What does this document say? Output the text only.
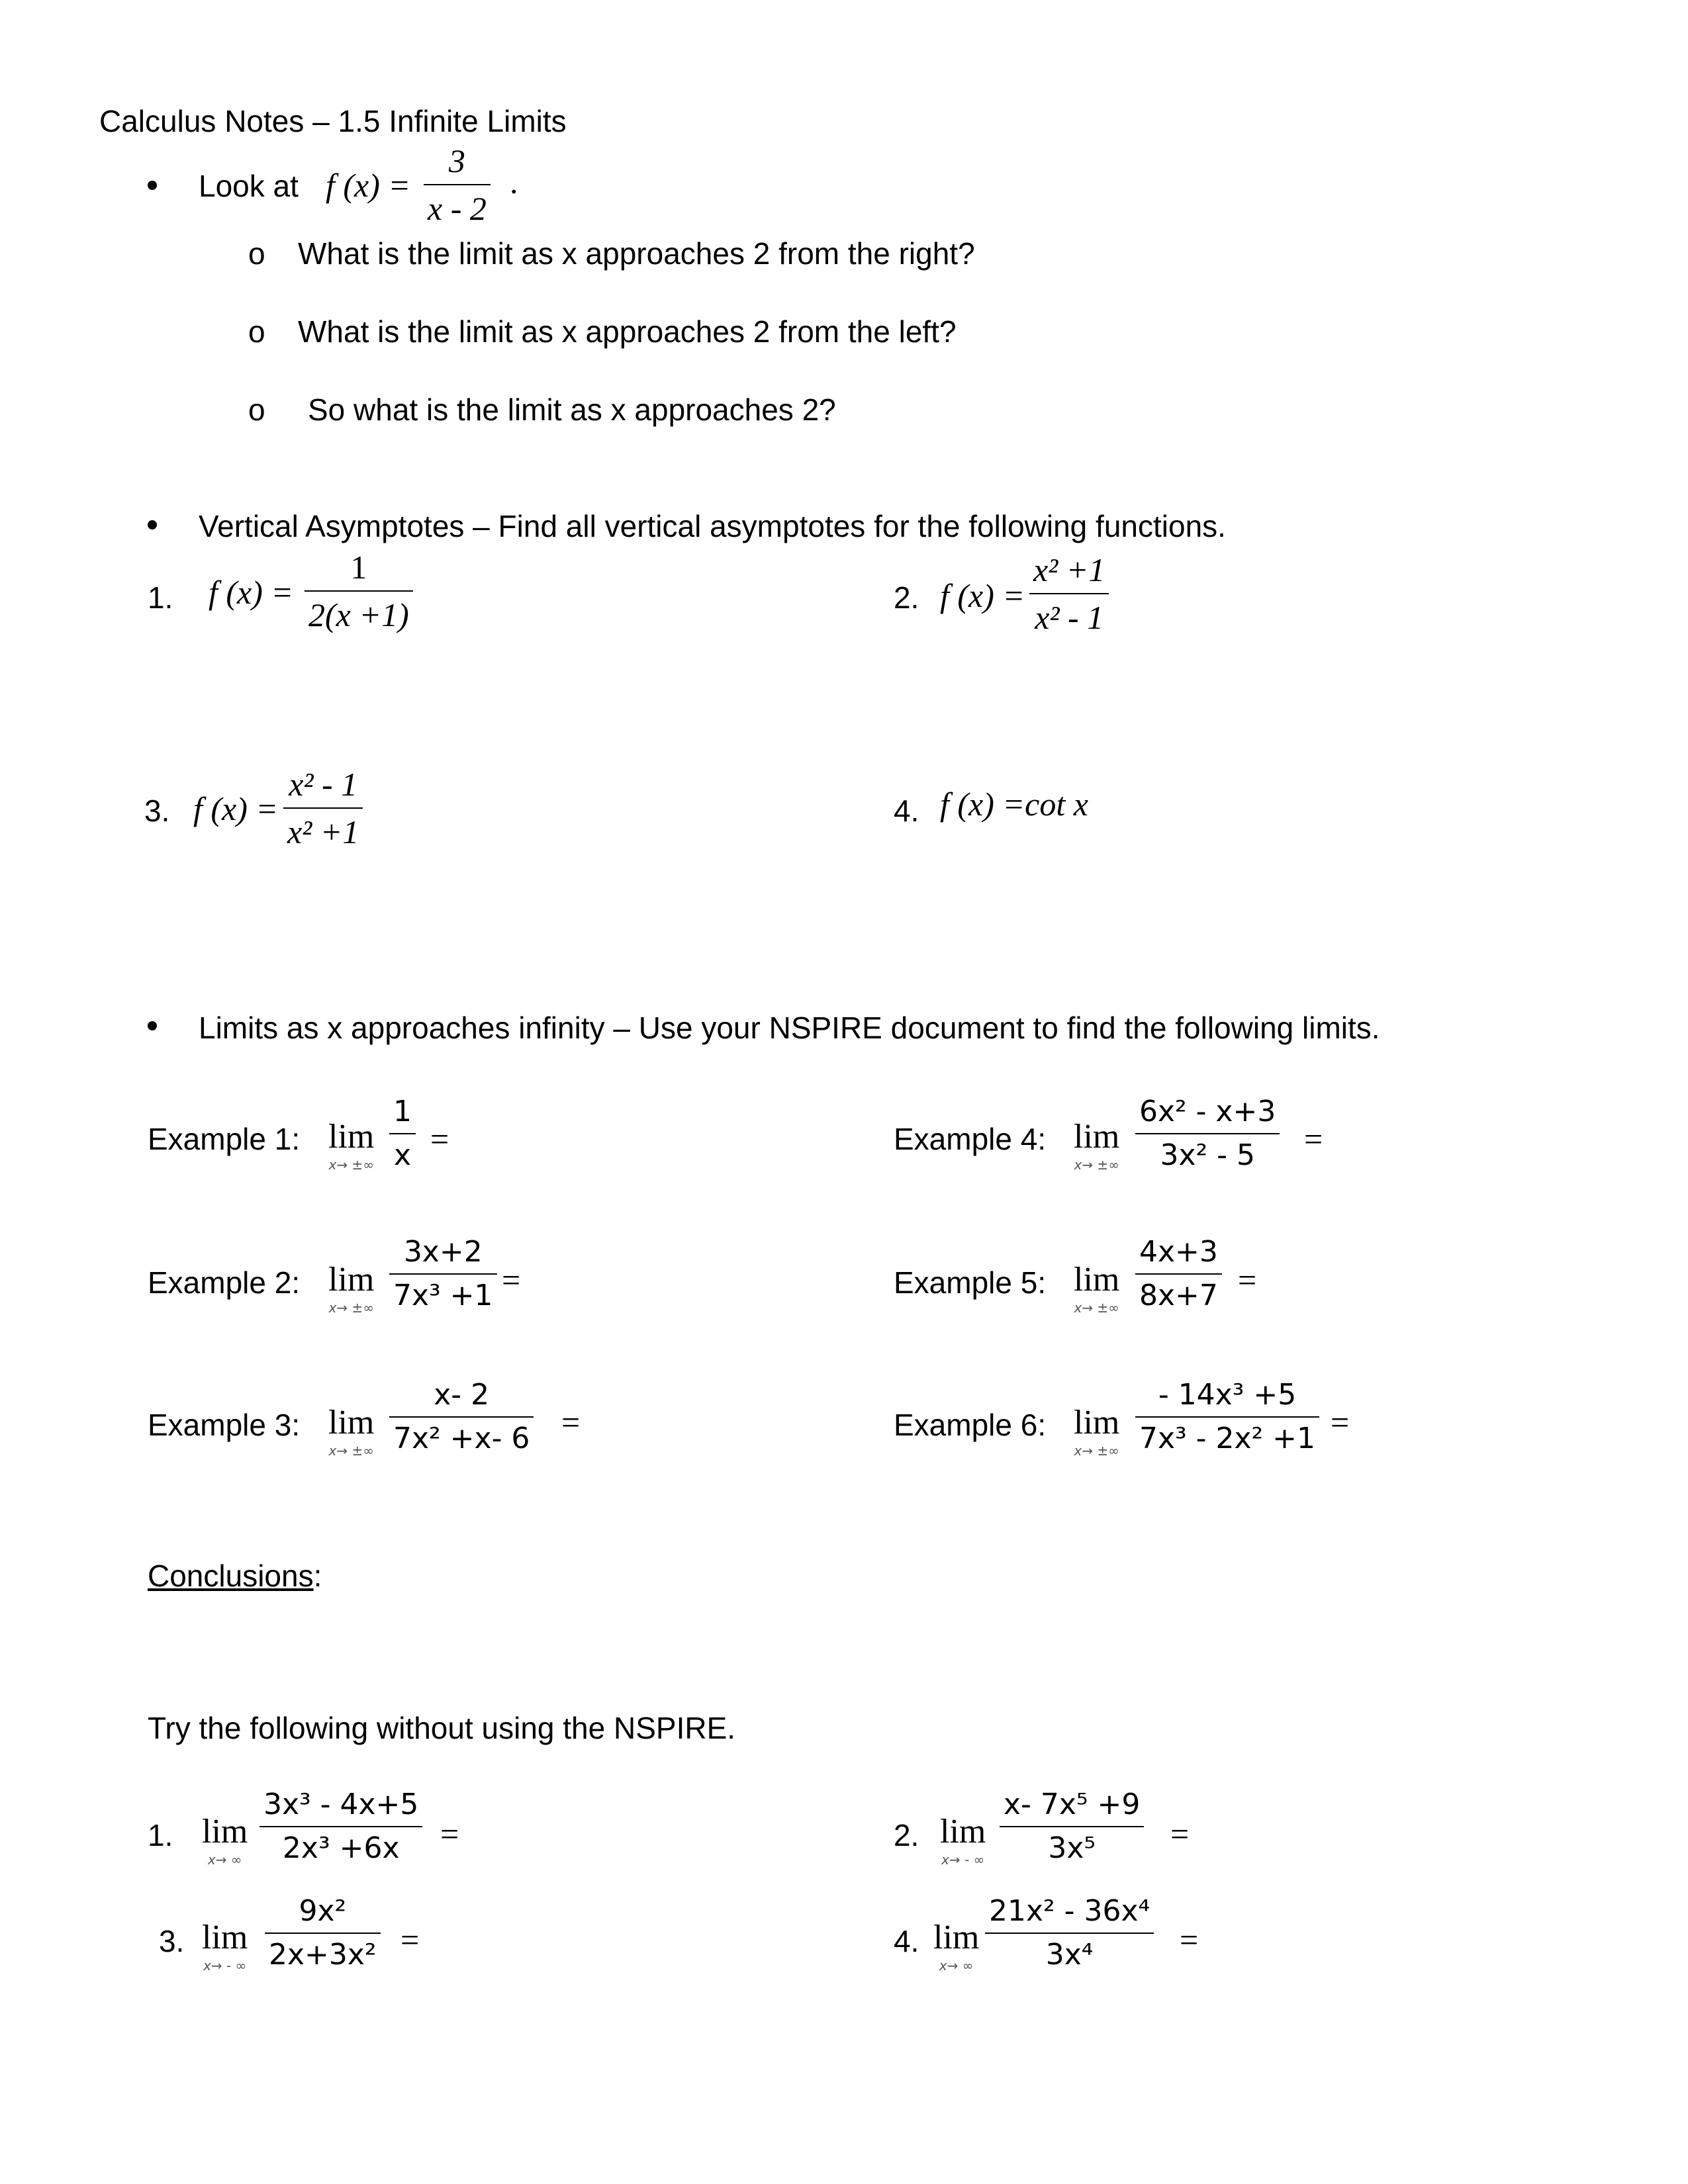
Calculus Notes – 1.5 Infinite Limits
Look at f (x) =
3
x - 2
.
o What is the limit as x approaches 2 from the right?
o What is the limit as x approaches 2 from the left?
o So what is the limit as x approaches 2?
Vertical Asymptotes – Find all vertical asymptotes for the following functions.
1. f (x) =
1
2(x +1)	2. f (x) =
x² +1
x² - 1
3. f (x) =
x² - 1
x² +1
4. f (x) =cot x
Limits as x approaches infinity – Use your NSPIRE document to find the following limits.
Example 1: lim
x→ ±∞
1
x =
Example 2: lim
x→ ±∞
3x+2
7x³ +1 =
Example 3: lim
x→ ±∞
x- 2
7x² +x- 6 =
Example 4: lim
x→ ±∞
6x² - x+3
3x² - 5 =
Example 5: lim
x→ ±∞
4x+3
8x+7 =
Example 6: lim
x→ ±∞
- 14x³ +5
7x³ - 2x² +1 =
Conclusions:
Try the following without using the NSPIRE.
1. lim
x→ ∞
3x³ - 4x+5
2x³ +6x =	2. lim
x→ - ∞
x- 7x⁵ +9
3x⁵ =
3. lim
x→ - ∞
9x²
2x+3x² =	4. lim
x→ ∞
21x² - 36x⁴
3x⁴	=
